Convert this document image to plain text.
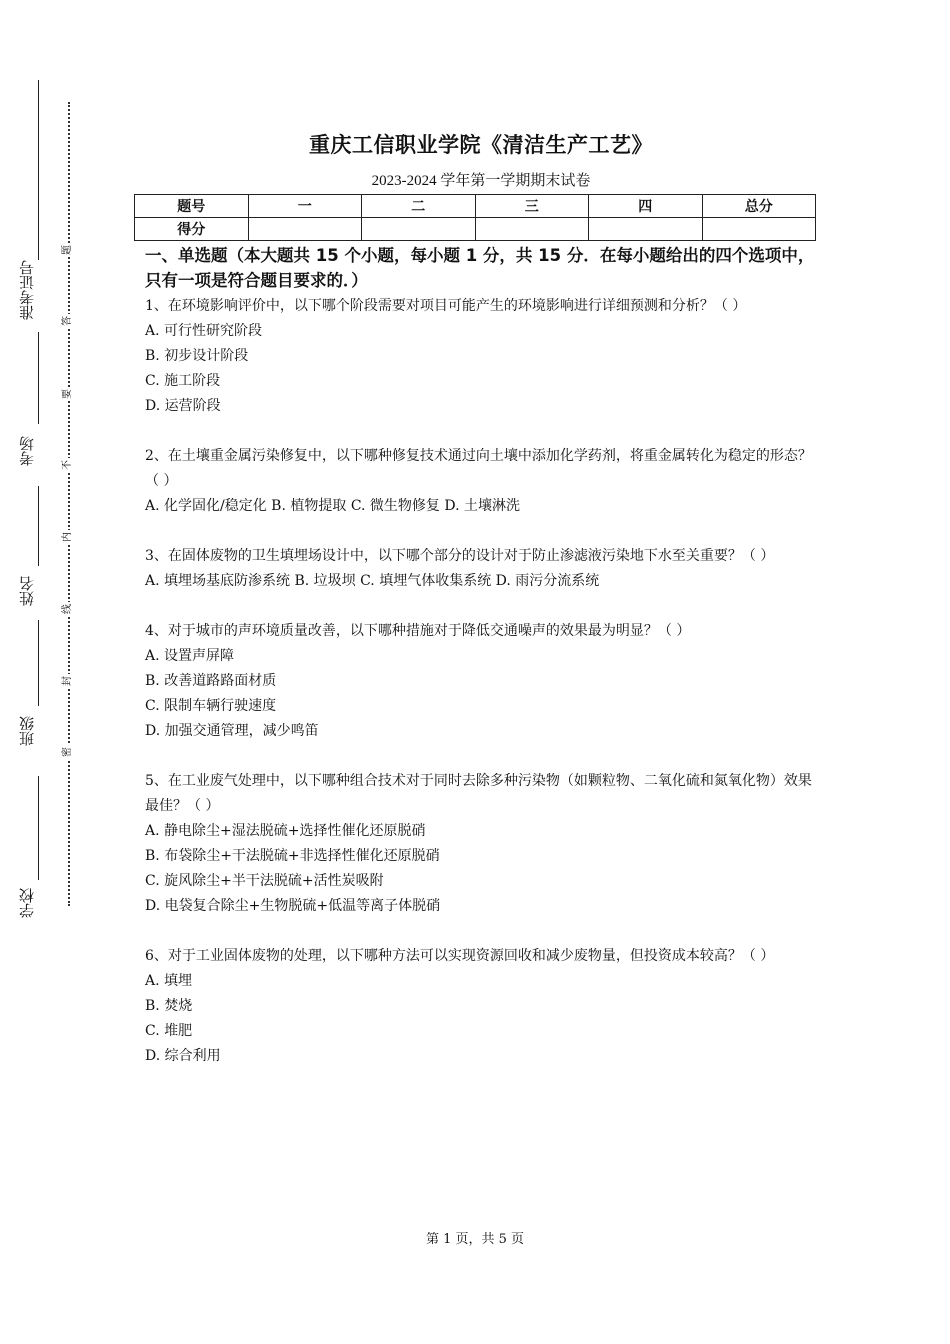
准考证号
考场
姓名
班级
学校
题
答
要
不
内
线
封
密
重庆工信职业学院《清洁生产工艺》
2023-2024 学年第一学期期末试卷
题号	一	二	三	四	总分
得分					
一、单选题（本大题共 15 个小题，每小题 1 分，共 15 分．在每小题给出的四个选项中，只有一项是符合题目要求的．）

1、在环境影响评价中，以下哪个阶段需要对项目可能产生的环境影响进行详细预测和分析？（ ）

A. 可行性研究阶段

B. 初步设计阶段

C. 施工阶段

D. 运营阶段

2、在土壤重金属污染修复中，以下哪种修复技术通过向土壤中添加化学药剂，将重金属转化为稳定的形态？（ ）

A. 化学固化/稳定化 B. 植物提取 C. 微生物修复 D. 土壤淋洗

3、在固体废物的卫生填埋场设计中，以下哪个部分的设计对于防止渗滤液污染地下水至关重要？（ ）

A. 填埋场基底防渗系统 B. 垃圾坝 C. 填埋气体收集系统 D. 雨污分流系统

4、对于城市的声环境质量改善，以下哪种措施对于降低交通噪声的效果最为明显？（ ）

A. 设置声屏障

B. 改善道路路面材质

C. 限制车辆行驶速度

D. 加强交通管理，减少鸣笛

5、在工业废气处理中，以下哪种组合技术对于同时去除多种污染物（如颗粒物、二氧化硫和氮氧化物）效果最佳？（ ）

A. 静电除尘+湿法脱硫+选择性催化还原脱硝

B. 布袋除尘+干法脱硫+非选择性催化还原脱硝

C. 旋风除尘+半干法脱硫+活性炭吸附

D. 电袋复合除尘+生物脱硫+低温等离子体脱硝

6、对于工业固体废物的处理，以下哪种方法可以实现资源回收和减少废物量，但投资成本较高？（ ）

A. 填埋

B. 焚烧

C. 堆肥

D. 综合利用

第 1 页，共 5 页
